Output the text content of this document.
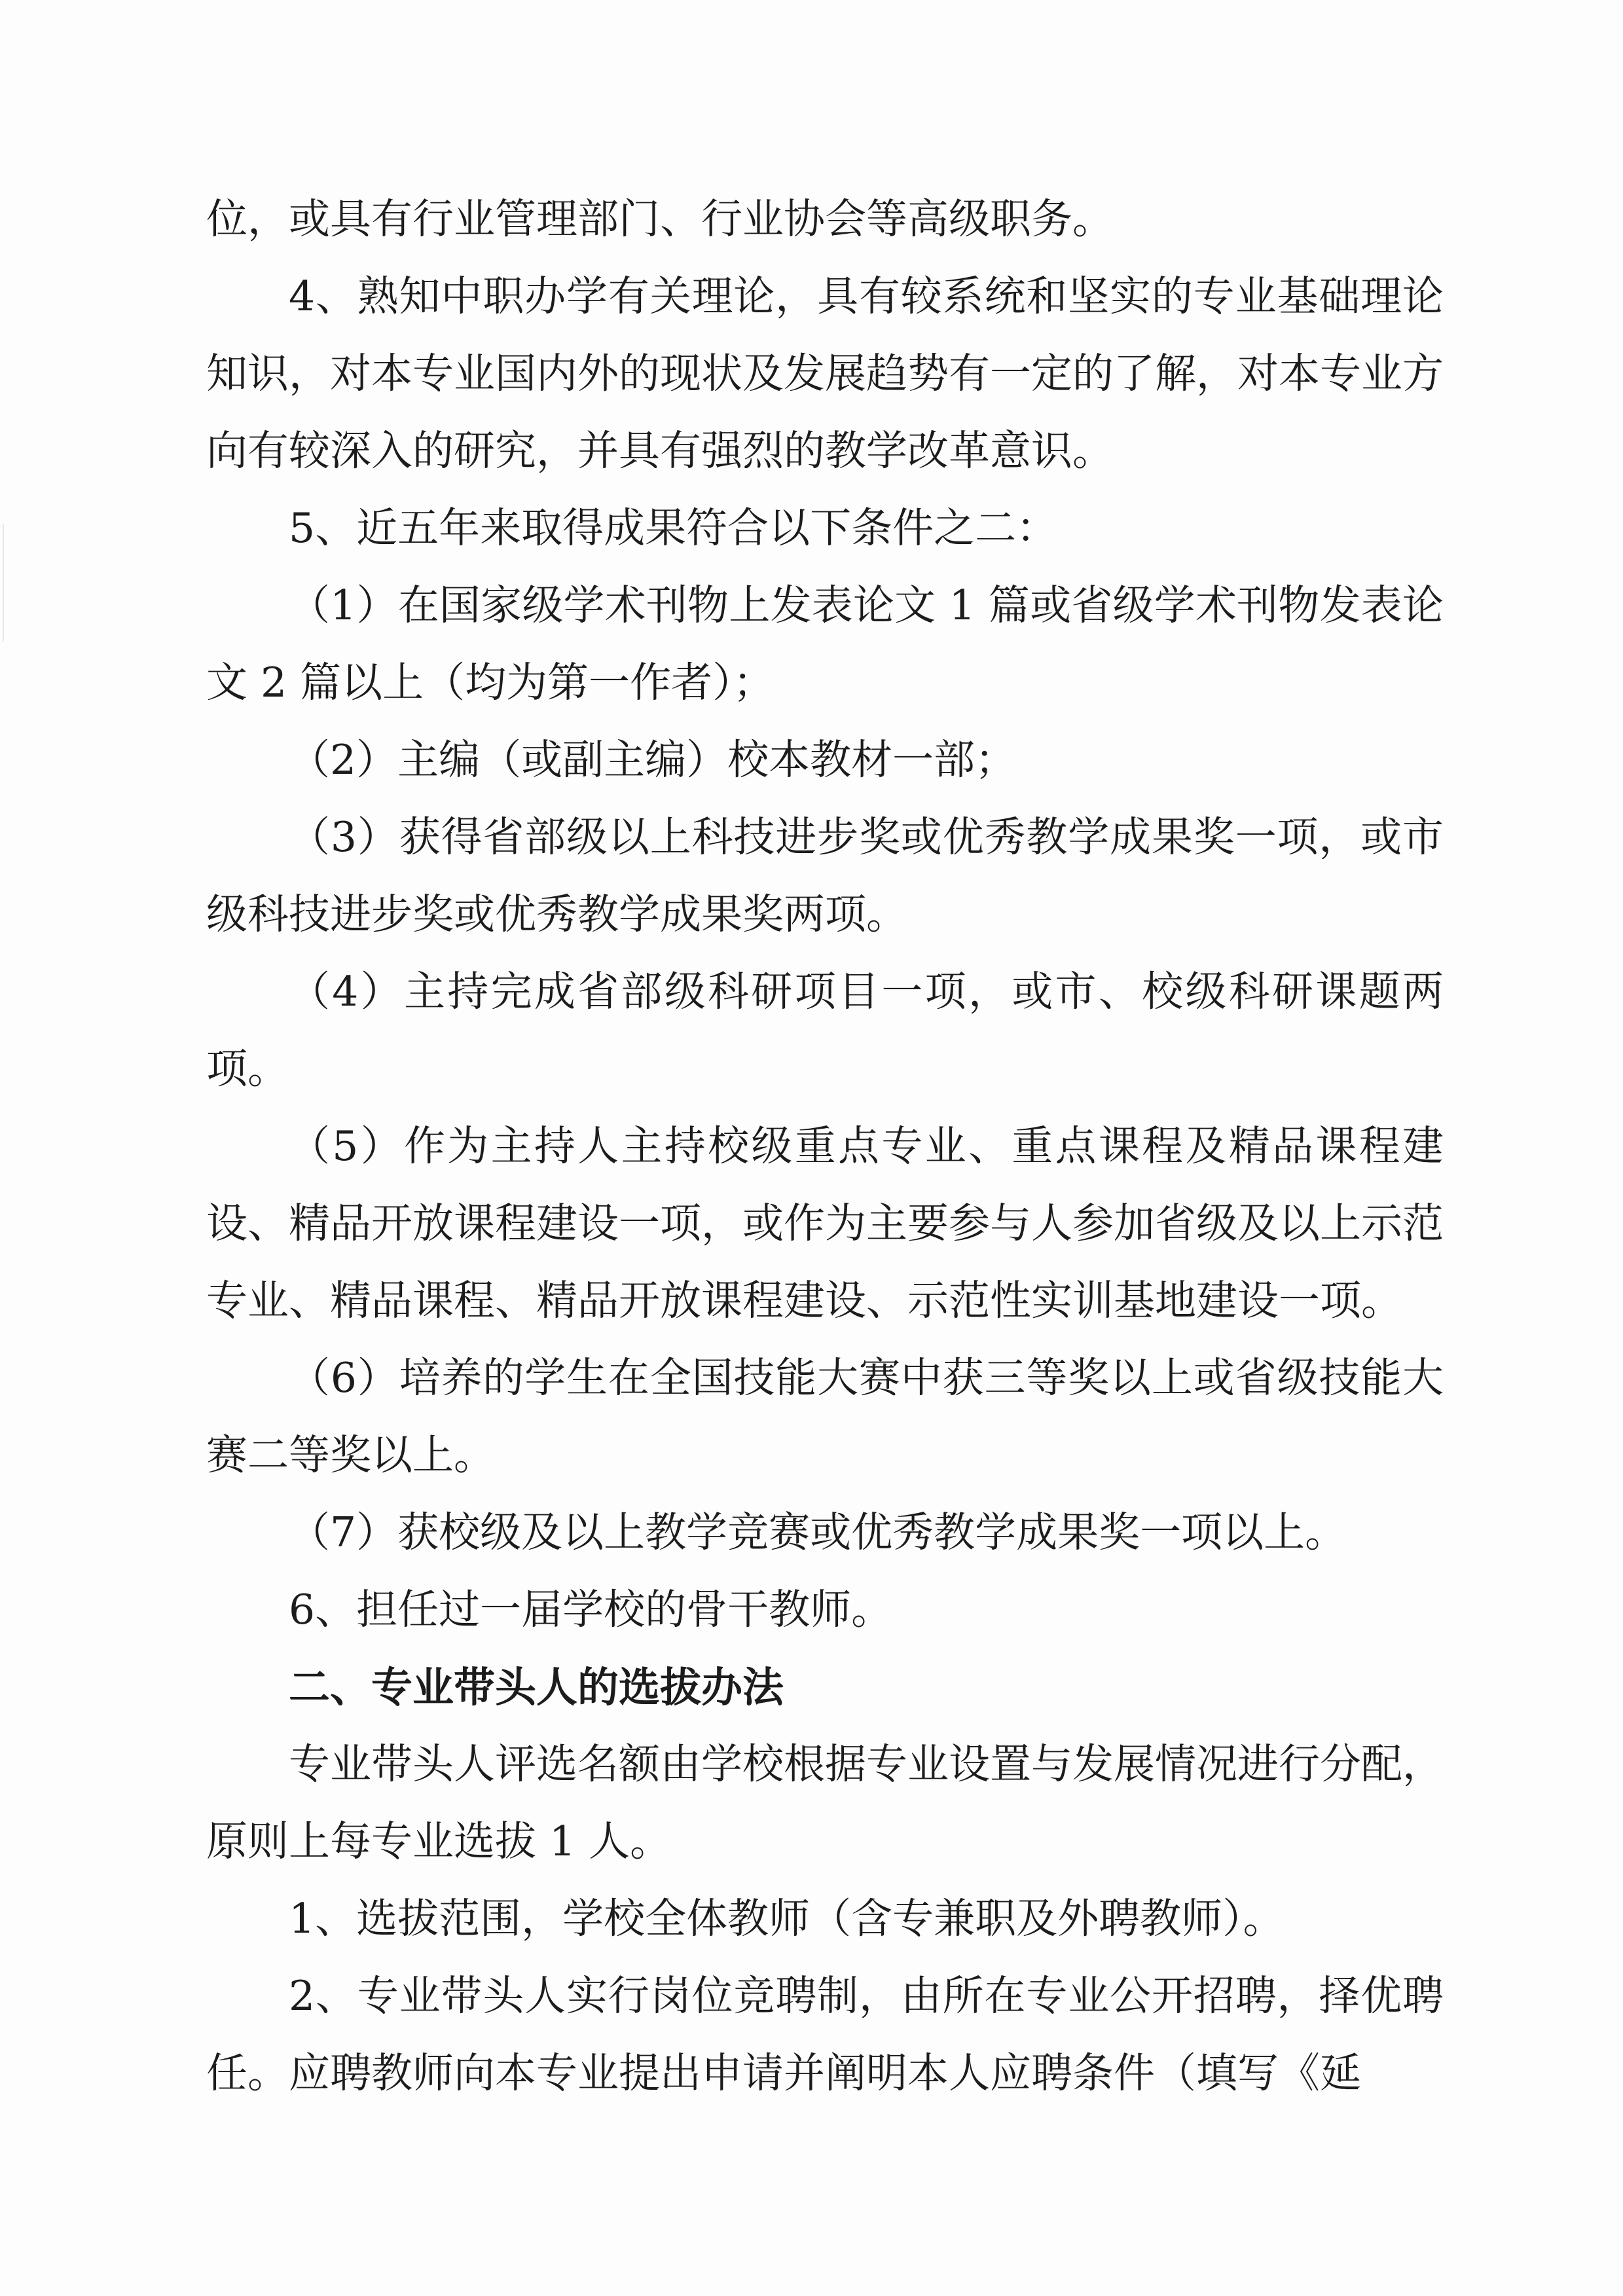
位，或具有行业管理部门、行业协会等高级职务。

4、熟知中职办学有关理论，具有较系统和坚实的专业基础理论知识，对本专业国内外的现状及发展趋势有一定的了解，对本专业方向有较深入的研究，并具有强烈的教学改革意识。

5、近五年来取得成果符合以下条件之二：

（1）在国家级学术刊物上发表论文 1 篇或省级学术刊物发表论文 2 篇以上（均为第一作者）；

（2）主编（或副主编）校本教材一部；

（3）获得省部级以上科技进步奖或优秀教学成果奖一项，或市级科技进步奖或优秀教学成果奖两项。

（4）主持完成省部级科研项目一项，或市、校级科研课题两项。

（5）作为主持人主持校级重点专业、重点课程及精品课程建设、精品开放课程建设一项，或作为主要参与人参加省级及以上示范专业、精品课程、精品开放课程建设、示范性实训基地建设一项。

（6）培养的学生在全国技能大赛中获三等奖以上或省级技能大赛二等奖以上。

（7）获校级及以上教学竞赛或优秀教学成果奖一项以上。

6、担任过一届学校的骨干教师。

二、专业带头人的选拔办法

专业带头人评选名额由学校根据专业设置与发展情况进行分配，原则上每专业选拔 1 人。

1、选拔范围，学校全体教师（含专兼职及外聘教师）。

2、专业带头人实行岗位竞聘制，由所在专业公开招聘，择优聘任。应聘教师向本专业提出申请并阐明本人应聘条件（填写《延
